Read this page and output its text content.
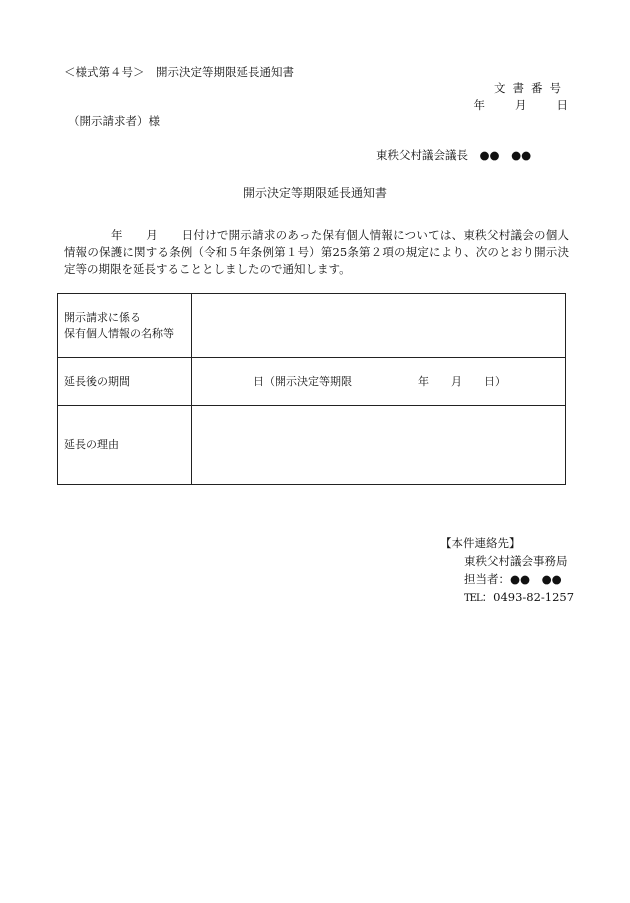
＜様式第４号＞　開示決定等期限延長通知書
文書番号
年	月	日
（開示請求者）様
東秩父村議会議長　●●　●●
開示決定等期限延長通知書
　　　　年　　月　　日付けで開示請求のあった保有個人情報については、東秩父村議会の個人情報の保護に関する条例（令和５年条例第１号）第25条第２項の規定により、次のとおり開示決定等の期限を延長することとしましたので通知します。
開示請求に係る
保有個人情報の名称等	

延長後の期間	　　　　　日（開示決定等期限　　　　　　年　　月　　日）
延長の理由	
【本件連絡先】
東秩父村議会事務局
担当者：●●　●●
TEL：0493-82-1257
